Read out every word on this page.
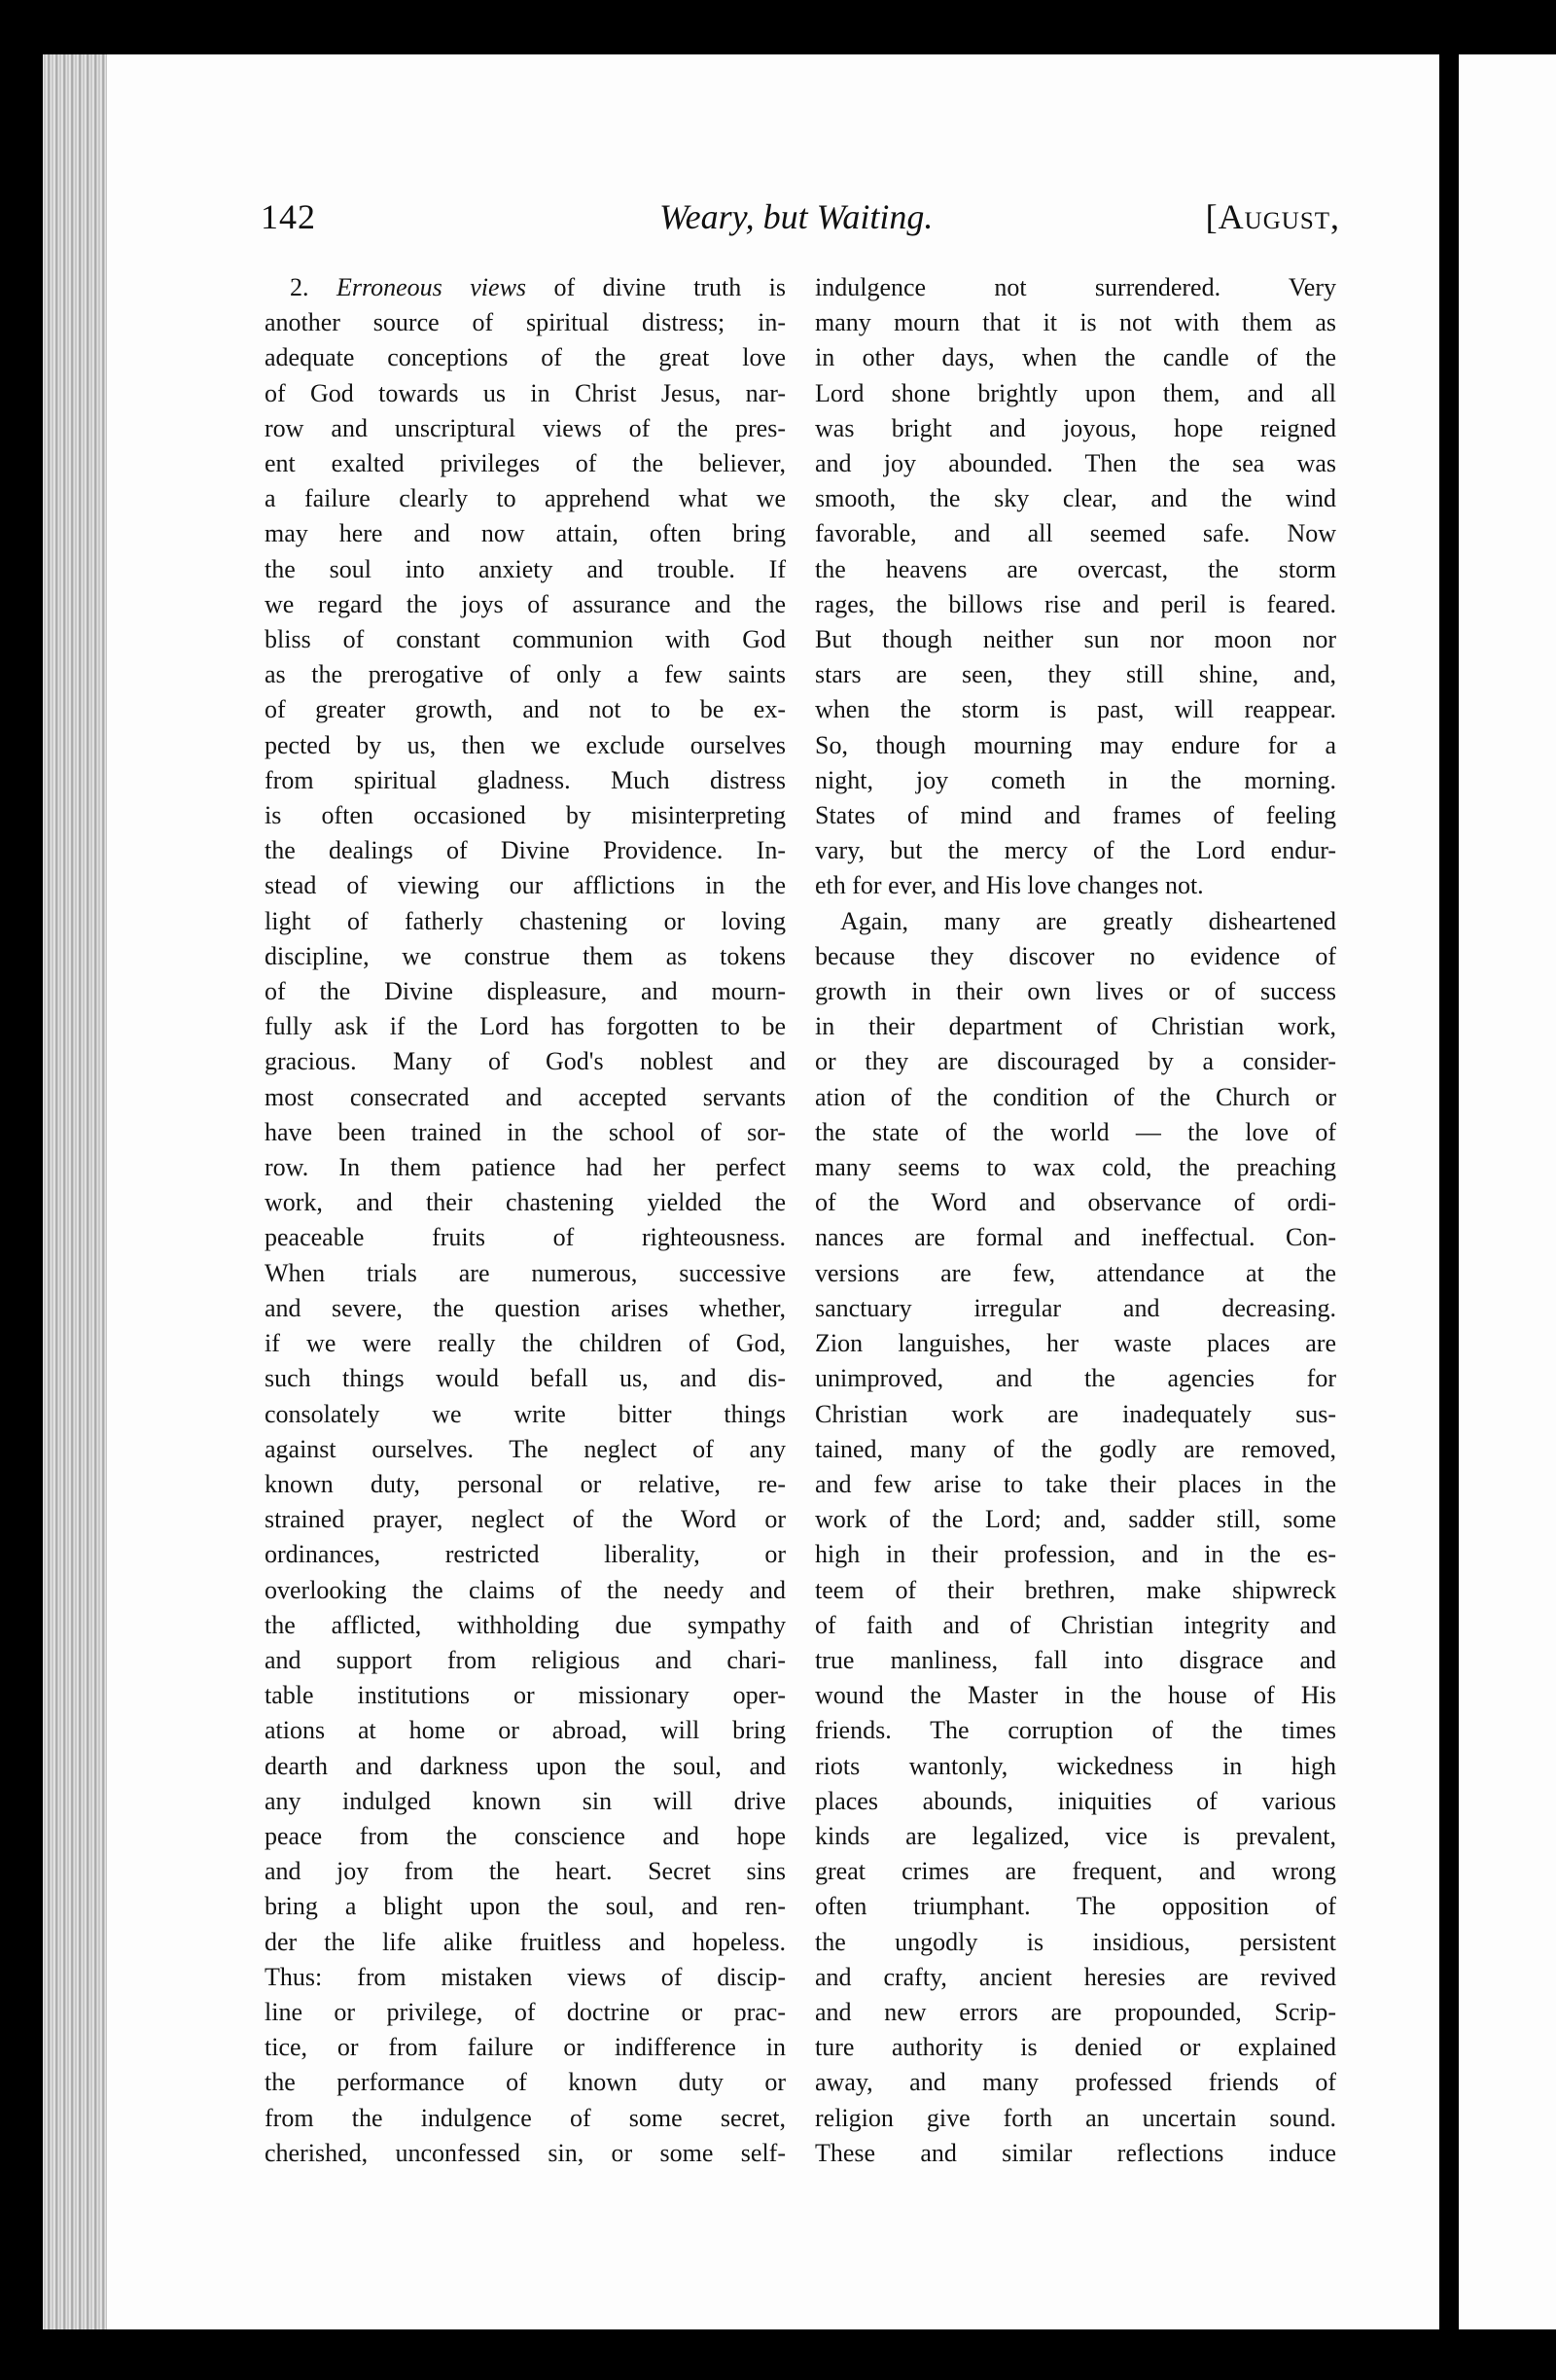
142	Weary, but Waiting.	[August,
2. Erroneous views of divine truth is
another source of spiritual distress; in-
adequate conceptions of the great love
of God towards us in Christ Jesus, nar-
row and unscriptural views of the pres-
ent exalted privileges of the believer,
a failure clearly to apprehend what we
may here and now attain, often bring
the soul into anxiety and trouble. If
we regard the joys of assurance and the
bliss of constant communion with God
as the prerogative of only a few saints
of greater growth, and not to be ex-
pected by us, then we exclude ourselves
from spiritual gladness. Much distress
is often occasioned by misinterpreting
the dealings of Divine Providence. In-
stead of viewing our afflictions in the
light of fatherly chastening or loving
discipline, we construe them as tokens
of the Divine displeasure, and mourn-
fully ask if the Lord has forgotten to be
gracious. Many of God's noblest and
most consecrated and accepted servants
have been trained in the school of sor-
row. In them patience had her perfect
work, and their chastening yielded the
peaceable fruits of righteousness.
When trials are numerous, successive
and severe, the question arises whether,
if we were really the children of God,
such things would befall us, and dis-
consolately we write bitter things
against ourselves. The neglect of any
known duty, personal or relative, re-
strained prayer, neglect of the Word or
ordinances, restricted liberality, or
overlooking the claims of the needy and
the afflicted, withholding due sympathy
and support from religious and chari-
table institutions or missionary oper-
ations at home or abroad, will bring
dearth and darkness upon the soul, and
any indulged known sin will drive
peace from the conscience and hope
and joy from the heart. Secret sins
bring a blight upon the soul, and ren-
der the life alike fruitless and hopeless.
Thus: from mistaken views of discip-
line or privilege, of doctrine or prac-
tice, or from failure or indifference in
the performance of known duty or
from the indulgence of some secret,
cherished, unconfessed sin, or some self-
indulgence not surrendered. Very
many mourn that it is not with them as
in other days, when the candle of the
Lord shone brightly upon them, and all
was bright and joyous, hope reigned
and joy abounded. Then the sea was
smooth, the sky clear, and the wind
favorable, and all seemed safe. Now
the heavens are overcast, the storm
rages, the billows rise and peril is feared.
But though neither sun nor moon nor
stars are seen, they still shine, and,
when the storm is past, will reappear.
So, though mourning may endure for a
night, joy cometh in the morning.
States of mind and frames of feeling
vary, but the mercy of the Lord endur-
eth for ever, and His love changes not.
Again, many are greatly disheartened
because they discover no evidence of
growth in their own lives or of success
in their department of Christian work,
or they are discouraged by a consider-
ation of the condition of the Church or
the state of the world — the love of
many seems to wax cold, the preaching
of the Word and observance of ordi-
nances are formal and ineffectual. Con-
versions are few, attendance at the
sanctuary irregular and decreasing.
Zion languishes, her waste places are
unimproved, and the agencies for
Christian work are inadequately sus-
tained, many of the godly are removed,
and few arise to take their places in the
work of the Lord; and, sadder still, some
high in their profession, and in the es-
teem of their brethren, make shipwreck
of faith and of Christian integrity and
true manliness, fall into disgrace and
wound the Master in the house of His
friends. The corruption of the times
riots wantonly, wickedness in high
places abounds, iniquities of various
kinds are legalized, vice is prevalent,
great crimes are frequent, and wrong
often triumphant. The opposition of
the ungodly is insidious, persistent
and crafty, ancient heresies are revived
and new errors are propounded, Scrip-
ture authority is denied or explained
away, and many professed friends of
religion give forth an uncertain sound.
These and similar reflections induce
